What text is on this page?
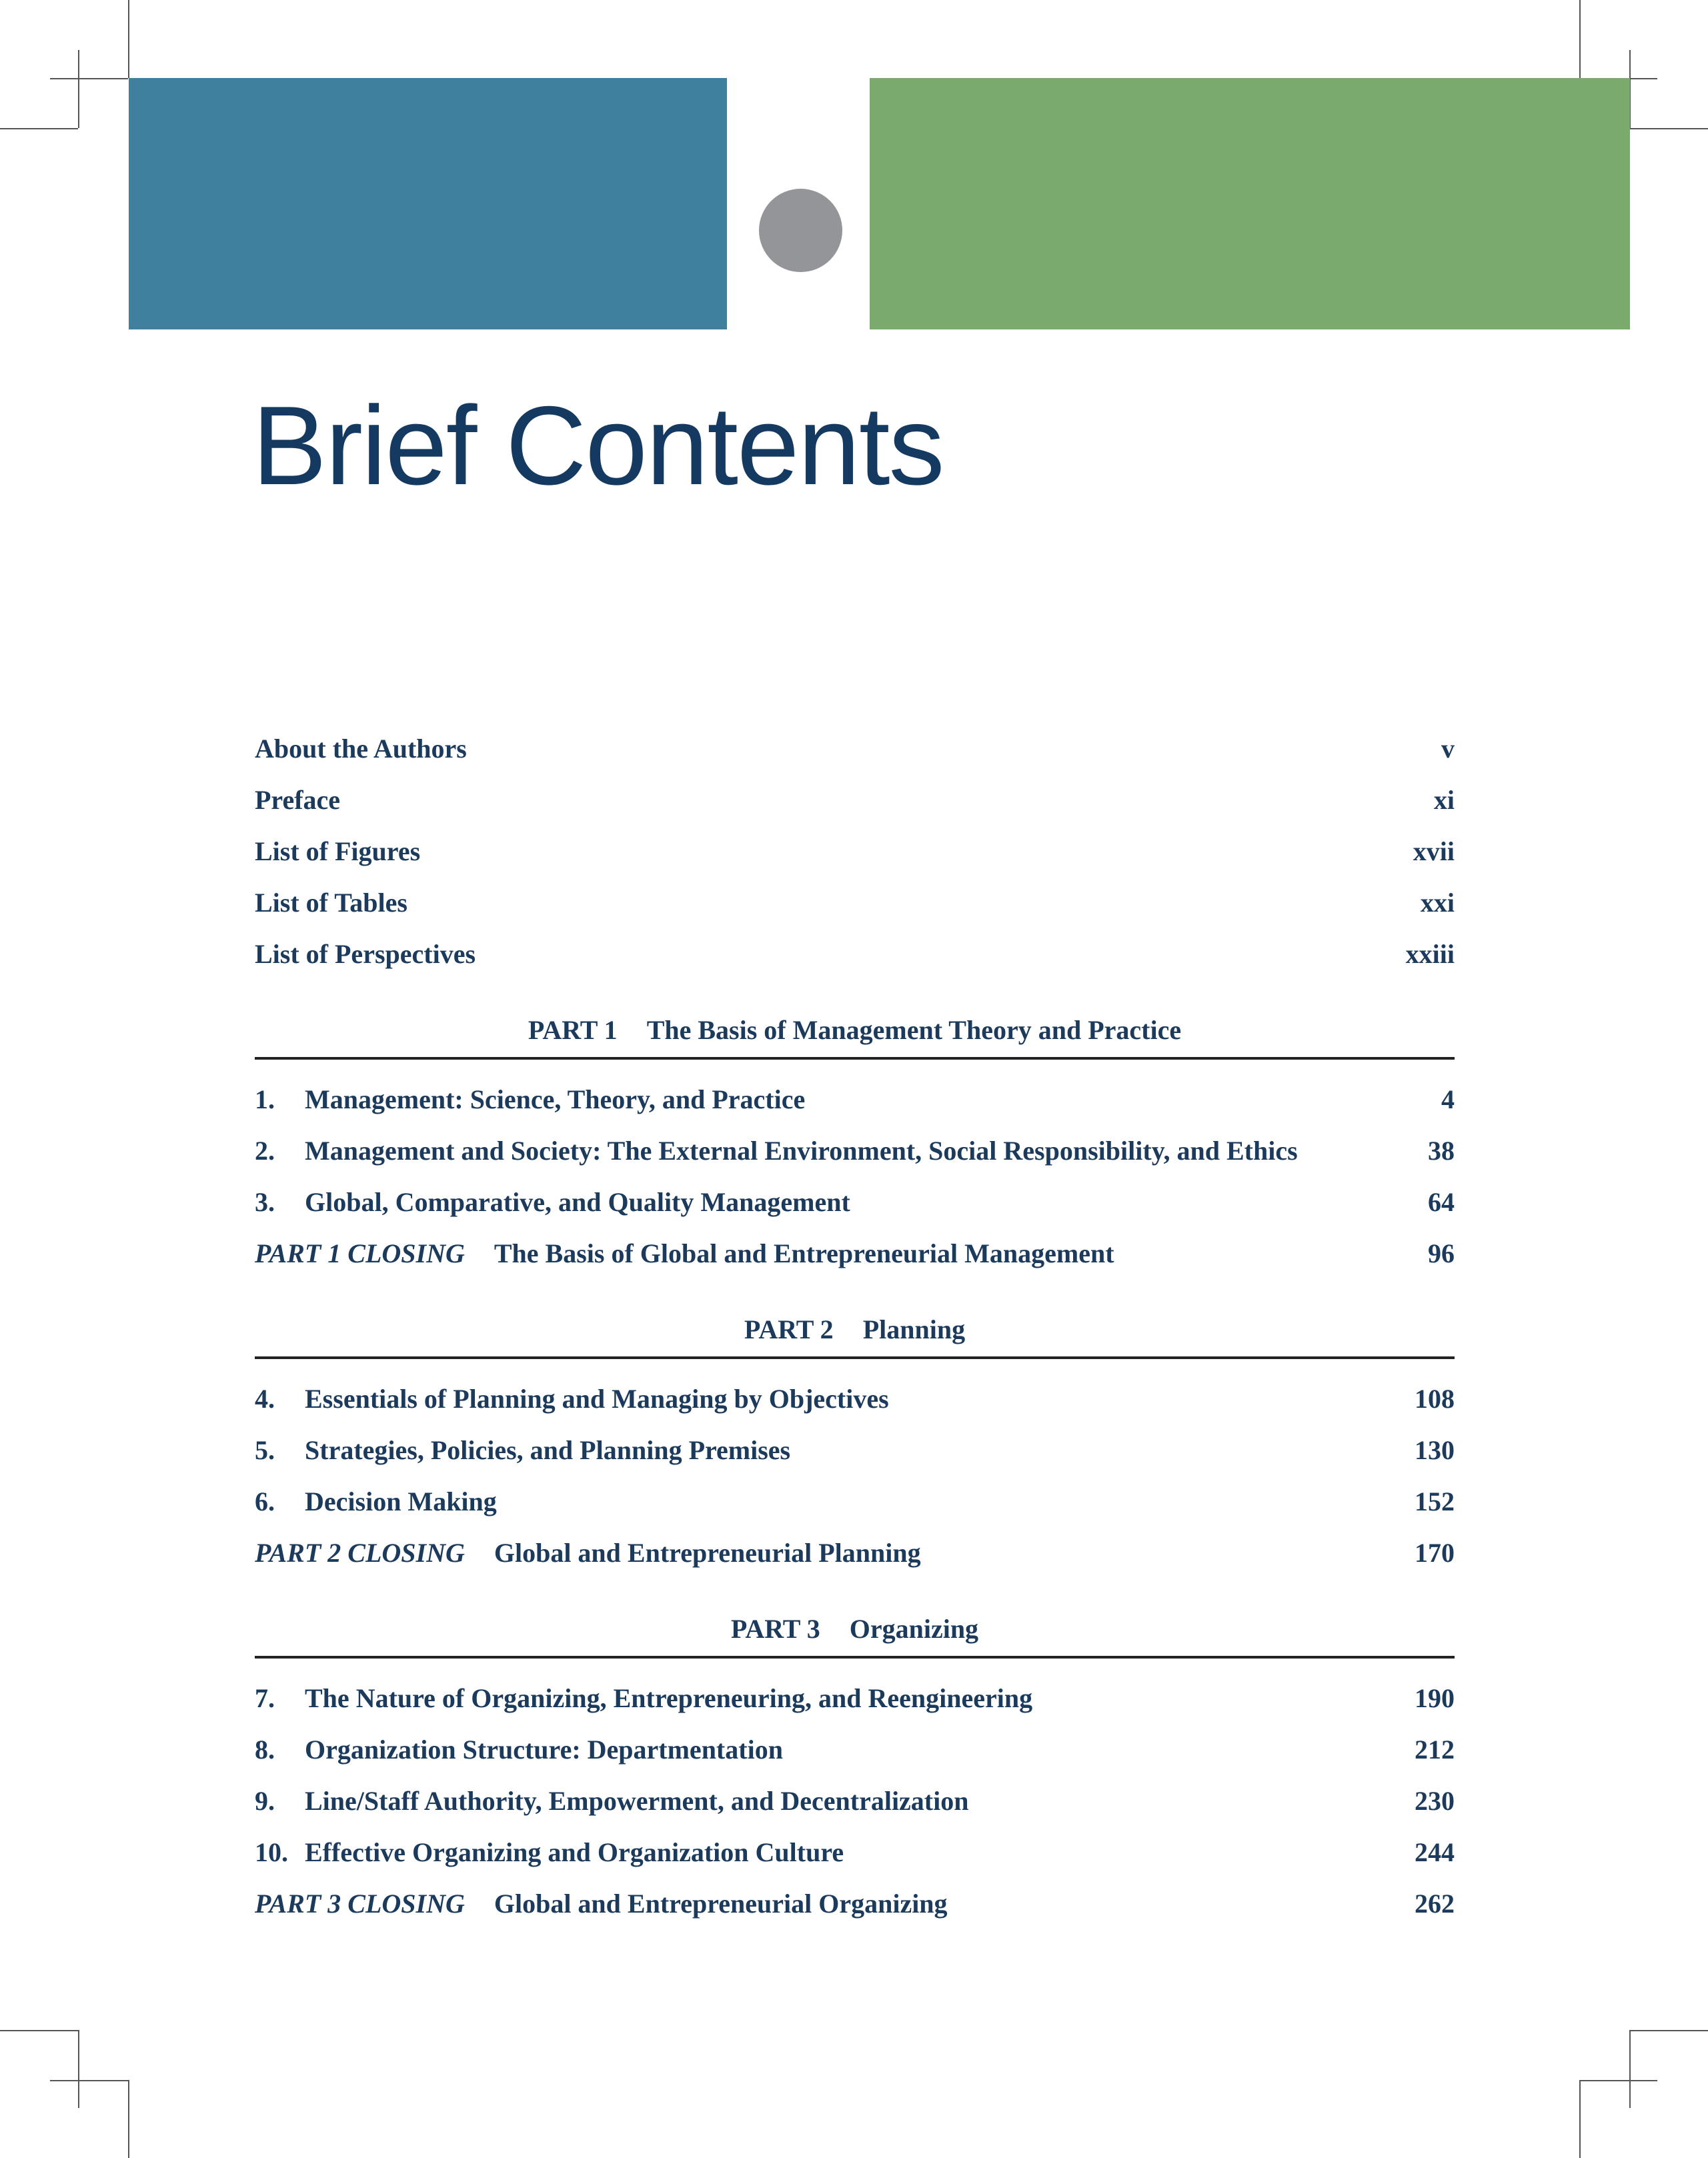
Brief Contents
About the Authors	v
Preface	xi
List of Figures	xvii
List of Tables	xxi
List of Perspectives	xxiii
PART 1 The Basis of Management Theory and Practice
1. Management: Science, Theory, and Practice	4
2. Management and Society: The External Environment, Social Responsibility, and Ethics	38
3. Global, Comparative, and Quality Management	64
PART 1 CLOSING The Basis of Global and Entrepreneurial Management	96
PART 2 Planning
4. Essentials of Planning and Managing by Objectives	108
5. Strategies, Policies, and Planning Premises	130
6. Decision Making	152
PART 2 CLOSING Global and Entrepreneurial Planning	170
PART 3 Organizing
7. The Nature of Organizing, Entrepreneuring, and Reengineering	190
8. Organization Structure: Departmentation	212
9. Line/Staff Authority, Empowerment, and Decentralization	230
10. Effective Organizing and Organization Culture	244
PART 3 CLOSING Global and Entrepreneurial Organizing	262
